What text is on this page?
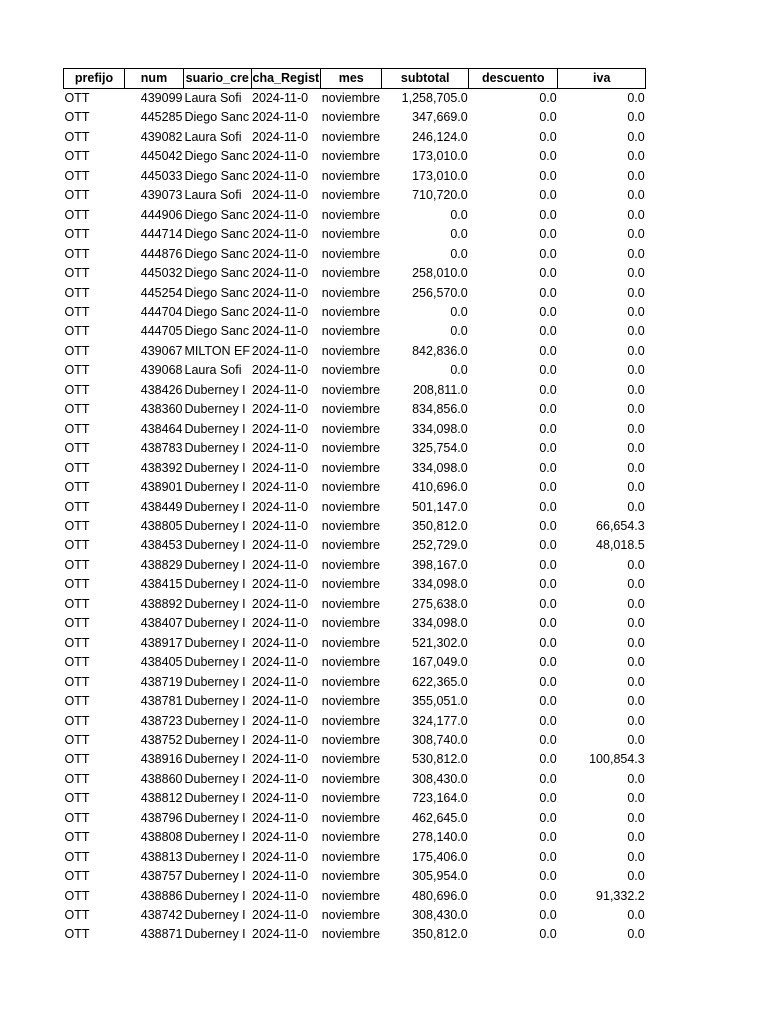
prefijo	num	suario_cre	cha_Regist	mes	subtotal	descuento	iva
OTT	439099	Laura Sofi	2024-11-0	noviembre	1,258,705.0	0.0	0.0
OTT	445285	Diego Sanc	2024-11-0	noviembre	347,669.0	0.0	0.0
OTT	439082	Laura Sofi	2024-11-0	noviembre	246,124.0	0.0	0.0
OTT	445042	Diego Sanc	2024-11-0	noviembre	173,010.0	0.0	0.0
OTT	445033	Diego Sanc	2024-11-0	noviembre	173,010.0	0.0	0.0
OTT	439073	Laura Sofi	2024-11-0	noviembre	710,720.0	0.0	0.0
OTT	444906	Diego Sanc	2024-11-0	noviembre	0.0	0.0	0.0
OTT	444714	Diego Sanc	2024-11-0	noviembre	0.0	0.0	0.0
OTT	444876	Diego Sanc	2024-11-0	noviembre	0.0	0.0	0.0
OTT	445032	Diego Sanc	2024-11-0	noviembre	258,010.0	0.0	0.0
OTT	445254	Diego Sanc	2024-11-0	noviembre	256,570.0	0.0	0.0
OTT	444704	Diego Sanc	2024-11-0	noviembre	0.0	0.0	0.0
OTT	444705	Diego Sanc	2024-11-0	noviembre	0.0	0.0	0.0
OTT	439067	MILTON EF	2024-11-0	noviembre	842,836.0	0.0	0.0
OTT	439068	Laura Sofi	2024-11-0	noviembre	0.0	0.0	0.0
OTT	438426	Duberney I	2024-11-0	noviembre	208,811.0	0.0	0.0
OTT	438360	Duberney I	2024-11-0	noviembre	834,856.0	0.0	0.0
OTT	438464	Duberney I	2024-11-0	noviembre	334,098.0	0.0	0.0
OTT	438783	Duberney I	2024-11-0	noviembre	325,754.0	0.0	0.0
OTT	438392	Duberney I	2024-11-0	noviembre	334,098.0	0.0	0.0
OTT	438901	Duberney I	2024-11-0	noviembre	410,696.0	0.0	0.0
OTT	438449	Duberney I	2024-11-0	noviembre	501,147.0	0.0	0.0
OTT	438805	Duberney I	2024-11-0	noviembre	350,812.0	0.0	66,654.3
OTT	438453	Duberney I	2024-11-0	noviembre	252,729.0	0.0	48,018.5
OTT	438829	Duberney I	2024-11-0	noviembre	398,167.0	0.0	0.0
OTT	438415	Duberney I	2024-11-0	noviembre	334,098.0	0.0	0.0
OTT	438892	Duberney I	2024-11-0	noviembre	275,638.0	0.0	0.0
OTT	438407	Duberney I	2024-11-0	noviembre	334,098.0	0.0	0.0
OTT	438917	Duberney I	2024-11-0	noviembre	521,302.0	0.0	0.0
OTT	438405	Duberney I	2024-11-0	noviembre	167,049.0	0.0	0.0
OTT	438719	Duberney I	2024-11-0	noviembre	622,365.0	0.0	0.0
OTT	438781	Duberney I	2024-11-0	noviembre	355,051.0	0.0	0.0
OTT	438723	Duberney I	2024-11-0	noviembre	324,177.0	0.0	0.0
OTT	438752	Duberney I	2024-11-0	noviembre	308,740.0	0.0	0.0
OTT	438916	Duberney I	2024-11-0	noviembre	530,812.0	0.0	100,854.3
OTT	438860	Duberney I	2024-11-0	noviembre	308,430.0	0.0	0.0
OTT	438812	Duberney I	2024-11-0	noviembre	723,164.0	0.0	0.0
OTT	438796	Duberney I	2024-11-0	noviembre	462,645.0	0.0	0.0
OTT	438808	Duberney I	2024-11-0	noviembre	278,140.0	0.0	0.0
OTT	438813	Duberney I	2024-11-0	noviembre	175,406.0	0.0	0.0
OTT	438757	Duberney I	2024-11-0	noviembre	305,954.0	0.0	0.0
OTT	438886	Duberney I	2024-11-0	noviembre	480,696.0	0.0	91,332.2
OTT	438742	Duberney I	2024-11-0	noviembre	308,430.0	0.0	0.0
OTT	438871	Duberney I	2024-11-0	noviembre	350,812.0	0.0	0.0
